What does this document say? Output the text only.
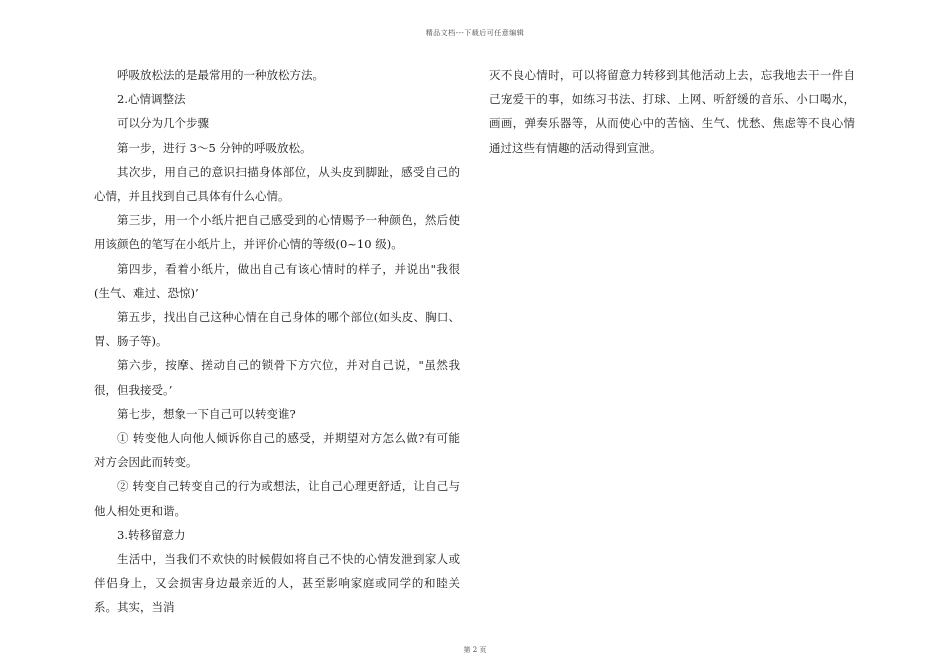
精品文档---下载后可任意编辑

呼吸放松法的是最常用的一种放松方法。

2.心情调整法

可以分为几个步骤

第一步，进行 3～5 分钟的呼吸放松。

其次步，用自己的意识扫描身体部位，从头皮到脚趾，感受自己的心情，并且找到自己具体有什么心情。

第三步，用一个小纸片把自己感受到的心情赐予一种颜色，然后使用该颜色的笔写在小纸片上，并评价心情的等级(0~10 级)。

第四步，看着小纸片，做出自己有该心情时的样子，并说出"我很(生气、难过、恐惊)’

第五步，找出自己这种心情在自己身体的哪个部位(如头皮、胸口、胃、肠子等)。

第六步，按摩、搓动自己的锁骨下方穴位，并对自己说，"虽然我很，但我接受。’

第七步，想象一下自己可以转变谁?

① 转变他人向他人倾诉你自己的感受，并期望对方怎么做?有可能对方会因此而转变。

② 转变自己转变自己的行为或想法，让自己心理更舒适，让自己与他人相处更和谐。

3.转移留意力

生活中，当我们不欢快的时候假如将自己不快的心情发泄到家人或伴侣身上，又会损害身边最亲近的人，甚至影响家庭或同学的和睦关系。其实，当消

灭不良心情时，可以将留意力转移到其他活动上去，忘我地去干一件自己宠爱干的事，如练习书法、打球、上网、听舒缓的音乐、小口喝水，画画，弹奏乐器等，从而使心中的苦恼、生气、忧愁、焦虑等不良心情通过这些有情趣的活动得到宣泄。

第 2 页
